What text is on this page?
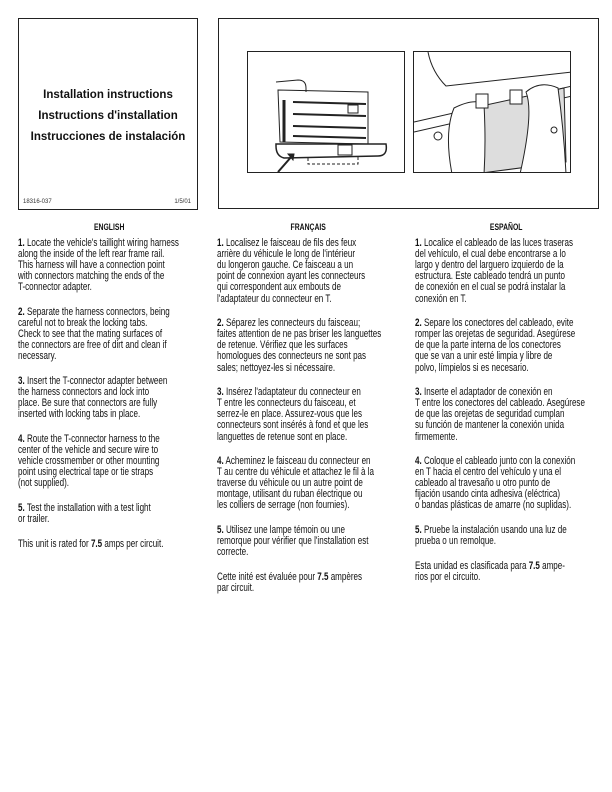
Installation instructions
Instructions d'installation
Instrucciones de instalación
18316-037	1/5/01
ENGLISH
1. Locate the vehicle's taillight wiring harness
along the inside of the left rear frame rail.
This harness will have a connection point
with connectors matching the ends of the
T-connector adapter.
2. Separate the harness connectors, being
careful not to break the locking tabs.
Check to see that the mating surfaces of
the connectors are free of dirt and clean if
necessary.
3. Insert the T-connector adapter between
the harness connectors and lock into
place. Be sure that connectors are fully
inserted with locking tabs in place.
4. Route the T-connector harness to the
center of the vehicle and secure wire to
vehicle crossmember or other mounting
point using electrical tape or tie straps
(not supplied).
5. Test the installation with a test light
or trailer.
This unit is rated for 7.5 amps per circuit.
FRANÇAIS
1. Localisez le faisceau de fils des feux
arrière du véhicule le long de l'intérieur
du longeron gauche. Ce faisceau a un
point de connexion ayant les connecteurs
qui correspondent aux embouts de
l'adaptateur du connecteur en T.
2. Séparez les connecteurs du faisceau;
faites attention de ne pas briser les languettes
de retenue. Vérifiez que les surfaces
homologues des connecteurs ne sont pas
sales; nettoyez-les si nécessaire.
3. Insérez l'adaptateur du connecteur en
T entre les connecteurs du faisceau, et
serrez-le en place. Assurez-vous que les
connecteurs sont insérés à fond et que les
languettes de retenue sont en place.
4. Acheminez le faisceau du connecteur en
T au centre du véhicule et attachez le fil à la
traverse du véhicule ou un autre point de
montage, utilisant du ruban électrique ou
les colliers de serrage (non fournies).
5. Utilisez une lampe témoin ou une
remorque pour vérifier que l'installation est
correcte.
Cette inité est évaluée pour 7.5 ampères
par circuit.
ESPAÑOL
1. Localice el cableado de las luces traseras
del vehículo, el cual debe encontrarse a lo
largo y dentro del larguero izquierdo de la
estructura. Este cableado tendrá un punto
de conexión en el cual se podrá instalar la
conexión en T.
2. Separe los conectores del cableado, evite
romper las orejetas de seguridad. Asegúrese
de que la parte interna de los conectores
que se van a unir esté limpia y libre de
polvo, límpielos si es necesario.
3. Inserte el adaptador de conexión en
T entre los conectores del cableado. Asegúrese
de que las orejetas de seguridad cumplan
su función de mantener la conexión unida
firmemente.
4. Coloque el cableado junto con la conexión
en T hacia el centro del vehículo y una el
cableado al travesaño u otro punto de
fijación usando cinta adhesiva (eléctrica)
o bandas plásticas de amarre (no suplidas).
5. Pruebe la instalación usando una luz de
prueba o un remolque.
Esta unidad es clasificada para 7.5 ampe-
rios por el circuito.
